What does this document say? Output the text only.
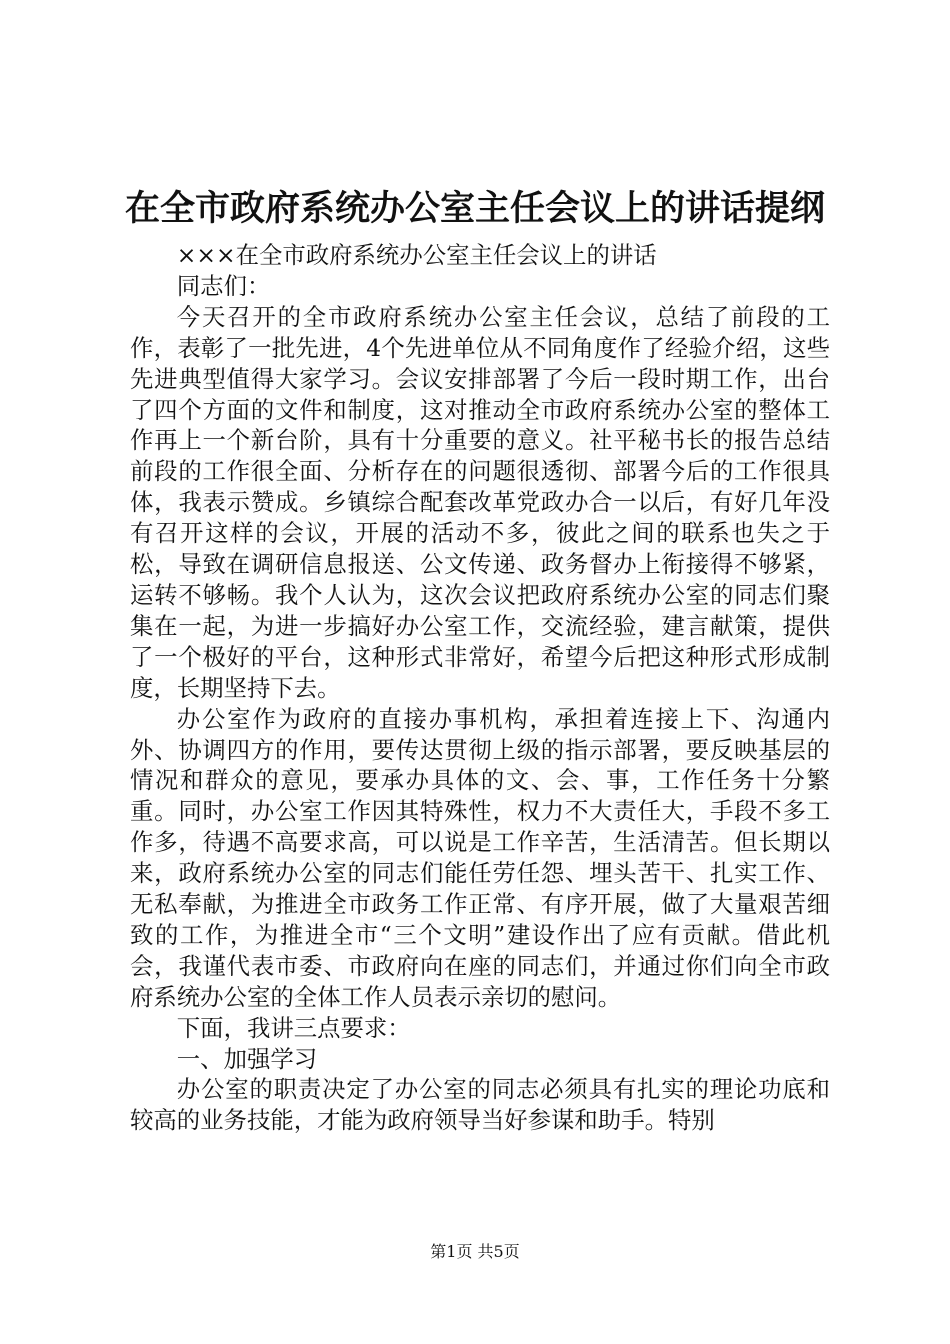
在全市政府系统办公室主任会议上的讲话提纲

×××在全市政府系统办公室主任会议上的讲话

同志们：

今天召开的全市政府系统办公室主任会议，总结了前段的工作，表彰了一批先进，4个先进单位从不同角度作了经验介绍，这些先进典型值得大家学习。会议安排部署了今后一段时期工作，出台了四个方面的文件和制度，这对推动全市政府系统办公室的整体工作再上一个新台阶，具有十分重要的意义。社平秘书长的报告总结前段的工作很全面、分析存在的问题很透彻、部署今后的工作很具体，我表示赞成。乡镇综合配套改革党政办合一以后，有好几年没有召开这样的会议，开展的活动不多，彼此之间的联系也失之于松，导致在调研信息报送、公文传递、政务督办上衔接得不够紧，运转不够畅。我个人认为，这次会议把政府系统办公室的同志们聚集在一起，为进一步搞好办公室工作，交流经验，建言献策，提供了一个极好的平台，这种形式非常好，希望今后把这种形式形成制度，长期坚持下去。

办公室作为政府的直接办事机构，承担着连接上下、沟通内外、协调四方的作用，要传达贯彻上级的指示部署，要反映基层的情况和群众的意见，要承办具体的文、会、事，工作任务十分繁重。同时，办公室工作因其特殊性，权力不大责任大，手段不多工作多，待遇不高要求高，可以说是工作辛苦，生活清苦。但长期以来，政府系统办公室的同志们能任劳任怨、埋头苦干、扎实工作、无私奉献，为推进全市政务工作正常、有序开展，做了大量艰苦细致的工作，为推进全市“三个文明”建设作出了应有贡献。借此机会，我谨代表市委、市政府向在座的同志们，并通过你们向全市政府系统办公室的全体工作人员表示亲切的慰问。

下面，我讲三点要求：

一、加强学习

办公室的职责决定了办公室的同志必须具有扎实的理论功底和较高的业务技能，才能为政府领导当好参谋和助手。特别

第1页 共5页
